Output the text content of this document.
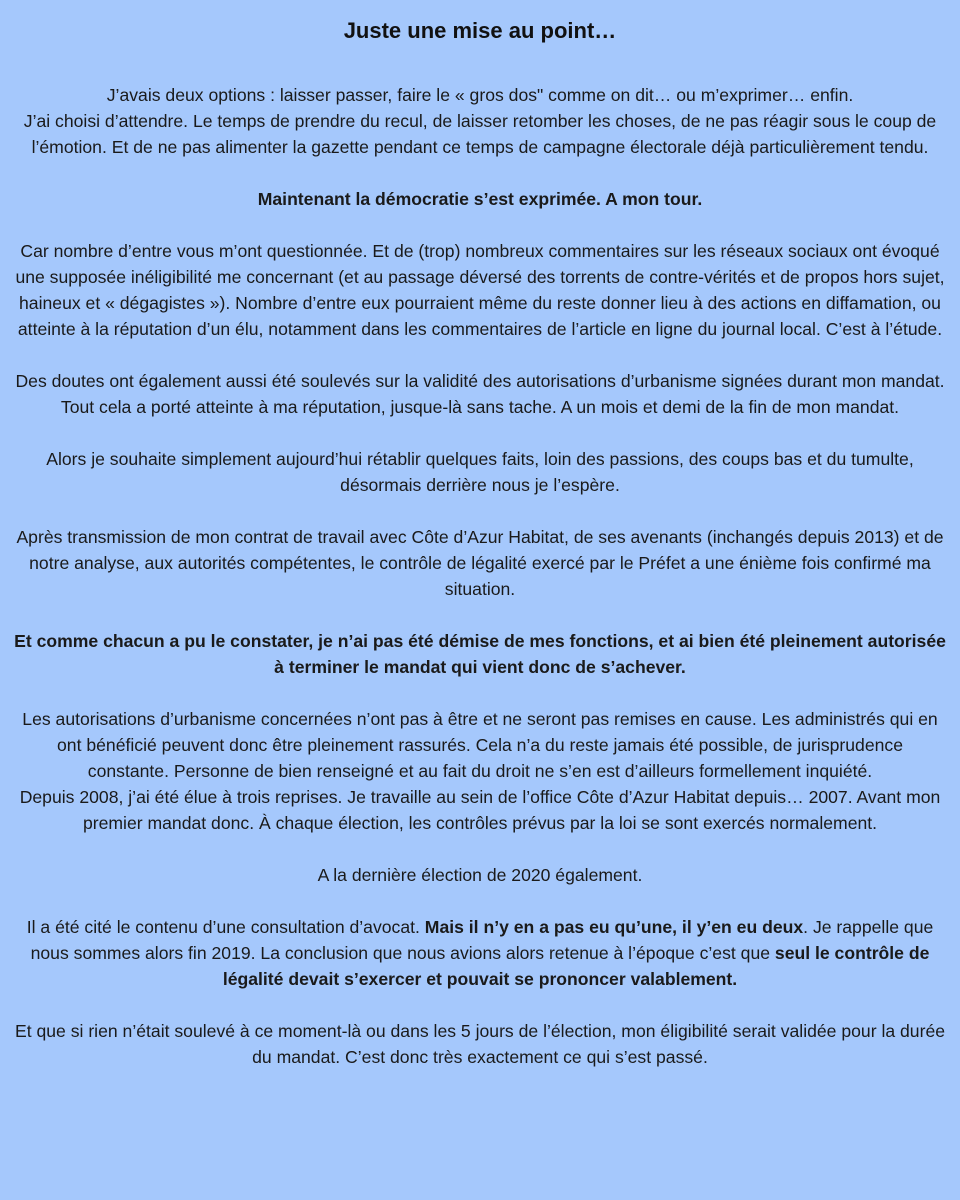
Juste une mise au point…

J’avais deux options : laisser passer, faire le « gros dos" comme on dit… ou m’exprimer… enfin.
J’ai choisi d’attendre. Le temps de prendre du recul, de laisser retomber les choses, de ne pas réagir sous le coup de l’émotion. Et de ne pas alimenter la gazette pendant ce temps de campagne électorale déjà particulièrement tendu.

Maintenant la démocratie s’est exprimée. A mon tour.

Car nombre d’entre vous m’ont questionnée. Et de (trop) nombreux commentaires sur les réseaux sociaux ont évoqué une supposée inéligibilité me concernant (et au passage déversé des torrents de contre-vérités et de propos hors sujet, haineux et « dégagistes »). Nombre d’entre eux pourraient même du reste donner lieu à des actions en diffamation, ou atteinte à la réputation d’un élu, notamment dans les commentaires de l’article en ligne du journal local. C’est à l’étude.

Des doutes ont également aussi été soulevés sur la validité des autorisations d’urbanisme signées durant mon mandat. Tout cela a porté atteinte à ma réputation, jusque-là sans tache. A un mois et demi de la fin de mon mandat.

Alors je souhaite simplement aujourd’hui rétablir quelques faits, loin des passions, des coups bas et du tumulte, désormais derrière nous je l’espère.

Après transmission de mon contrat de travail avec Côte d’Azur Habitat, de ses avenants (inchangés depuis 2013) et de notre analyse, aux autorités compétentes, le contrôle de légalité exercé par le Préfet a une énième fois confirmé ma situation.

Et comme chacun a pu le constater, je n’ai pas été démise de mes fonctions, et ai bien été pleinement autorisée à terminer le mandat qui vient donc de s’achever.

Les autorisations d’urbanisme concernées n’ont pas à être et ne seront pas remises en cause. Les administrés qui en ont bénéficié peuvent donc être pleinement rassurés. Cela n’a du reste jamais été possible, de jurisprudence constante. Personne de bien renseigné et au fait du droit ne s’en est d’ailleurs formellement inquiété.
Depuis 2008, j’ai été élue à trois reprises. Je travaille au sein de l’office Côte d’Azur Habitat depuis… 2007. Avant mon premier mandat donc. À chaque élection, les contrôles prévus par la loi se sont exercés normalement.

A la dernière élection de 2020 également.

Il a été cité le contenu d’une consultation d’avocat. Mais il n’y en a pas eu qu’une, il y’en eu deux. Je rappelle que nous sommes alors fin 2019. La conclusion que nous avions alors retenue à l’époque c’est que seul le contrôle de légalité devait s’exercer et pouvait se prononcer valablement.

Et que si rien n’était soulevé à ce moment-là ou dans les 5 jours de l’élection, mon éligibilité serait validée pour la durée du mandat. C’est donc très exactement ce qui s’est passé.
